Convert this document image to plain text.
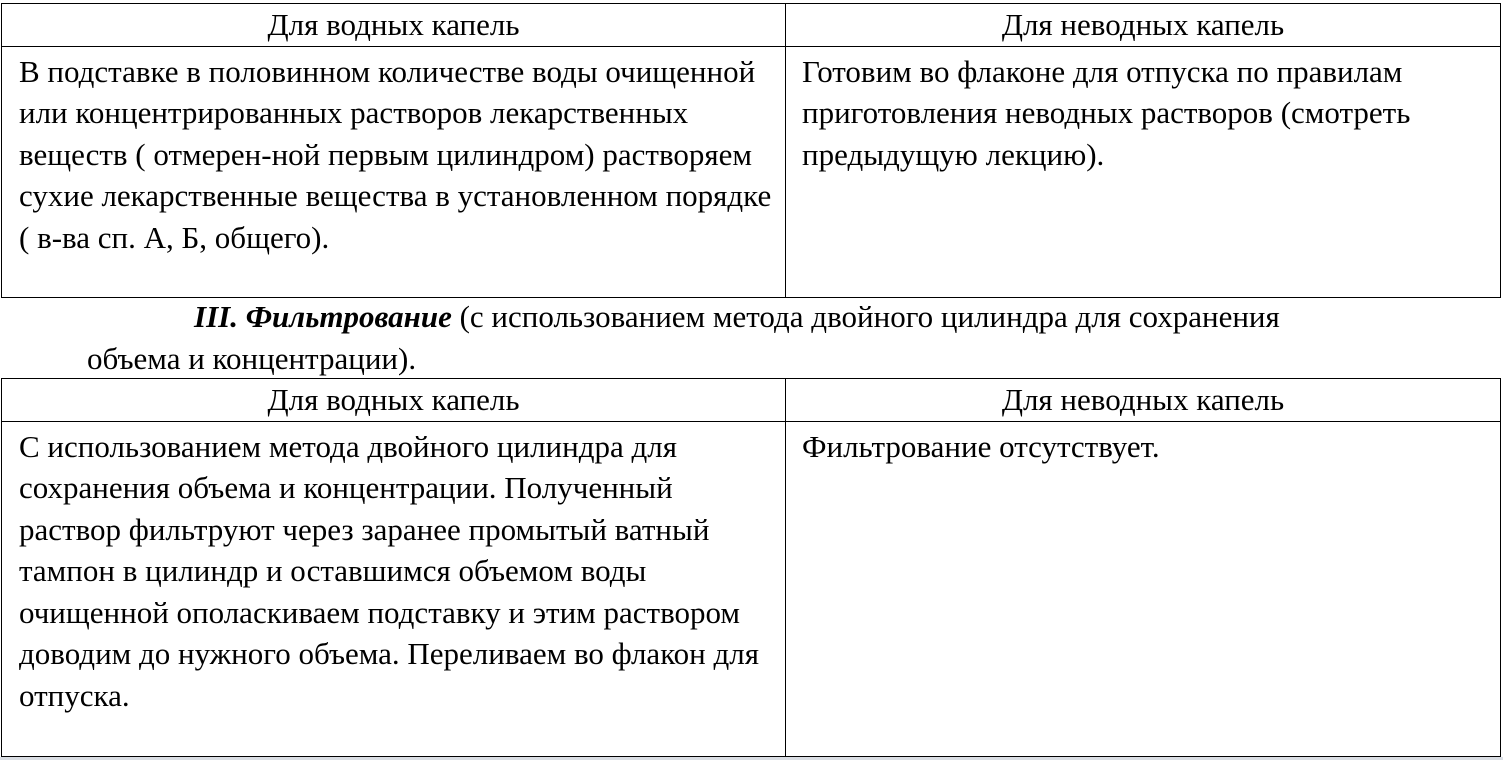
Для водных капель	Для неводных капель

В подставке в половинном количестве воды очищенной или концентрированных растворов лекарственных веществ ( отмерен-ной первым цилиндром) растворяем сухие лекарственные вещества в установленном порядке ( в-ва сп. А, Б, общего).	Готовим во флаконе для отпуска по правилам приготовления неводных растворов (смотреть предыдущую лекцию).
III. Фильтрование (с использованием метода двойного цилиндра для сохранения
объема и концентрации).
Для водных капель	Для неводных капель

С использованием метода двойного цилиндра для сохранения объема и концентрации. Полученный раствор фильтруют через заранее промытый ватный тампон в цилиндр и оставшимся объемом воды очищенной ополаскиваем подставку и этим раствором доводим до нужного объема. Переливаем во флакон для отпуска.	Фильтрование отсутствует.
